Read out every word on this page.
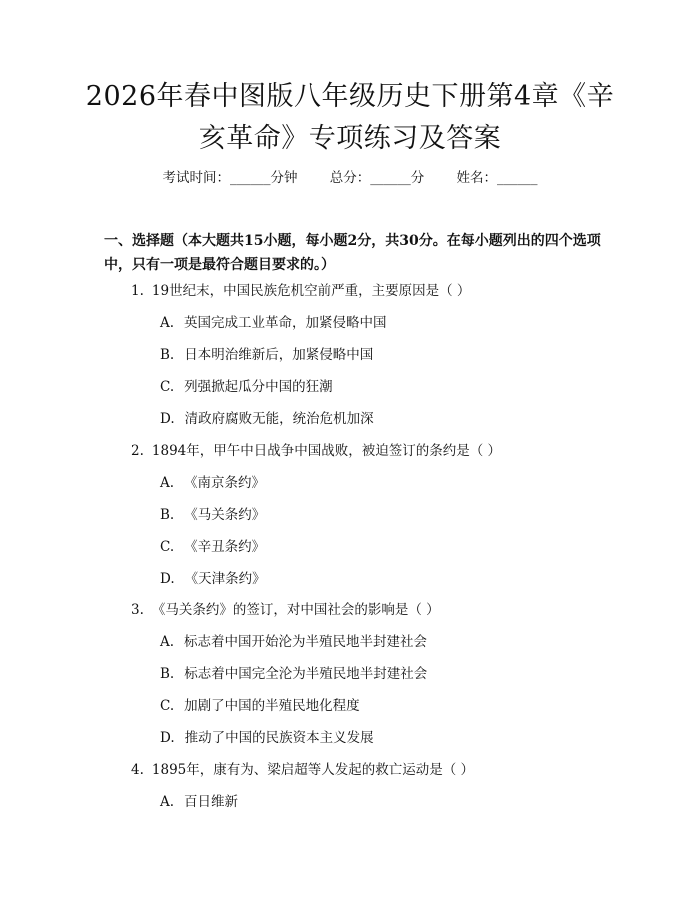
2026年春中图版八年级历史下册第4章《辛亥革命》专项练习及答案
考试时间：______分钟 总分：______分 姓名：______
一、选择题（本大题共15小题，每小题2分，共30分。在每小题列出的四个选项中，只有一项是最符合题目要求的。）
1. 19世纪末，中国民族危机空前严重，主要原因是（ ）
A. 英国完成工业革命，加紧侵略中国
B. 日本明治维新后，加紧侵略中国
C. 列强掀起瓜分中国的狂潮
D. 清政府腐败无能，统治危机加深
2. 1894年，甲午中日战争中国战败，被迫签订的条约是（ ）
A. 《南京条约》
B. 《马关条约》
C. 《辛丑条约》
D. 《天津条约》
3. 《马关条约》的签订，对中国社会的影响是（ ）
A. 标志着中国开始沦为半殖民地半封建社会
B. 标志着中国完全沦为半殖民地半封建社会
C. 加剧了中国的半殖民地化程度
D. 推动了中国的民族资本主义发展
4. 1895年，康有为、梁启超等人发起的救亡运动是（ ）
A. 百日维新
